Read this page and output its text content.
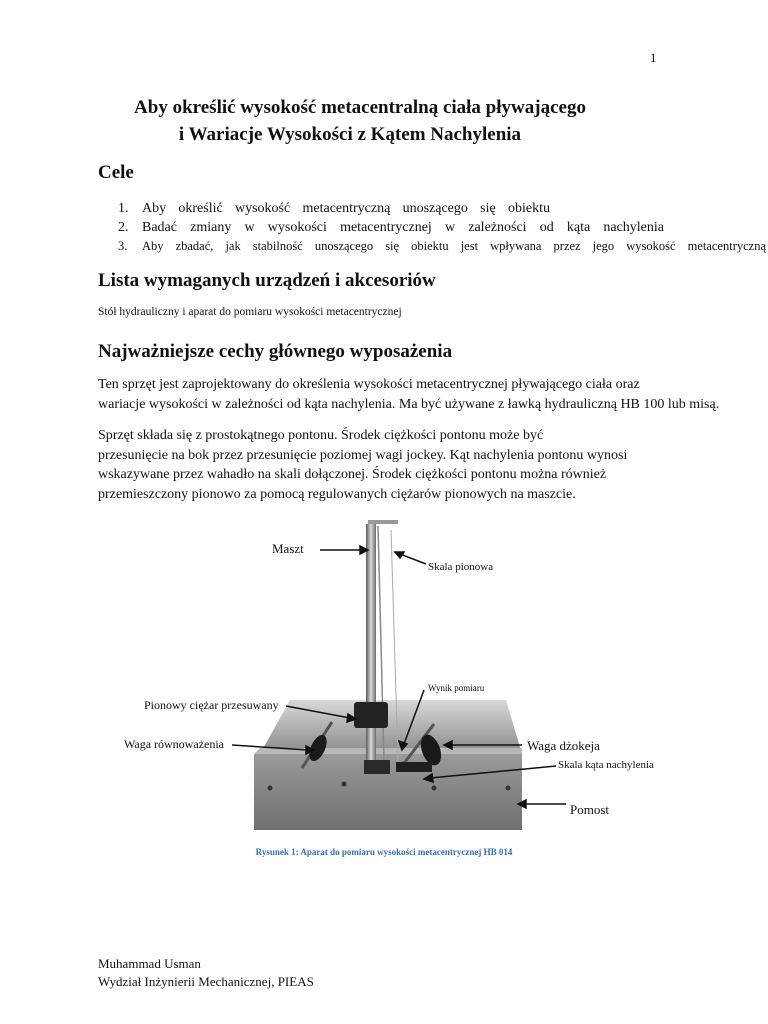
1
Aby określić wysokość metacentralną ciała pływającego
i Wariacje Wysokości z Kątem Nachylenia
Cele
1. Aby określić wysokość metacentryczną unoszącego się obiektu
2. Badać zmiany w wysokości metacentrycznej w zależności od kąta nachylenia
3.	Aby zbadać, jak stabilność unoszącego się obiektu jest wpływana przez jego wysokość metacentryczną
Lista wymaganych urządzeń i akcesoriów
Stół hydrauliczny i aparat do pomiaru wysokości metacentrycznej
Najważniejsze cechy głównego wyposażenia
Ten sprzęt jest zaprojektowany do określenia wysokości metacentrycznej pływającego ciała oraz
wariacje wysokości w zależności od kąta nachylenia. Ma być używane z ławką hydrauliczną HB 100 lub misą.
Sprzęt składa się z prostokątnego pontonu. Środek ciężkości pontonu może być
przesunięcie na bok przez przesunięcie poziomej wagi jockey. Kąt nachylenia pontonu wynosi
wskazywane przez wahadło na skali dołączonej. Środek ciężkości pontonu można również
przemieszczony pionowo za pomocą regulowanych ciężarów pionowych na maszcie.
Maszt
Skala pionowa
Wynik pomiaru
Pionowy ciężar przesuwany
Waga równoważenia	Waga dżokeja
Skala kąta nachylenia
Pomost
Rysunek 1: Aparat do pomiaru wysokości metacentrycznej HB 014
Muhammad Usman
Wydział Inżynierii Mechanicznej, PIEAS
